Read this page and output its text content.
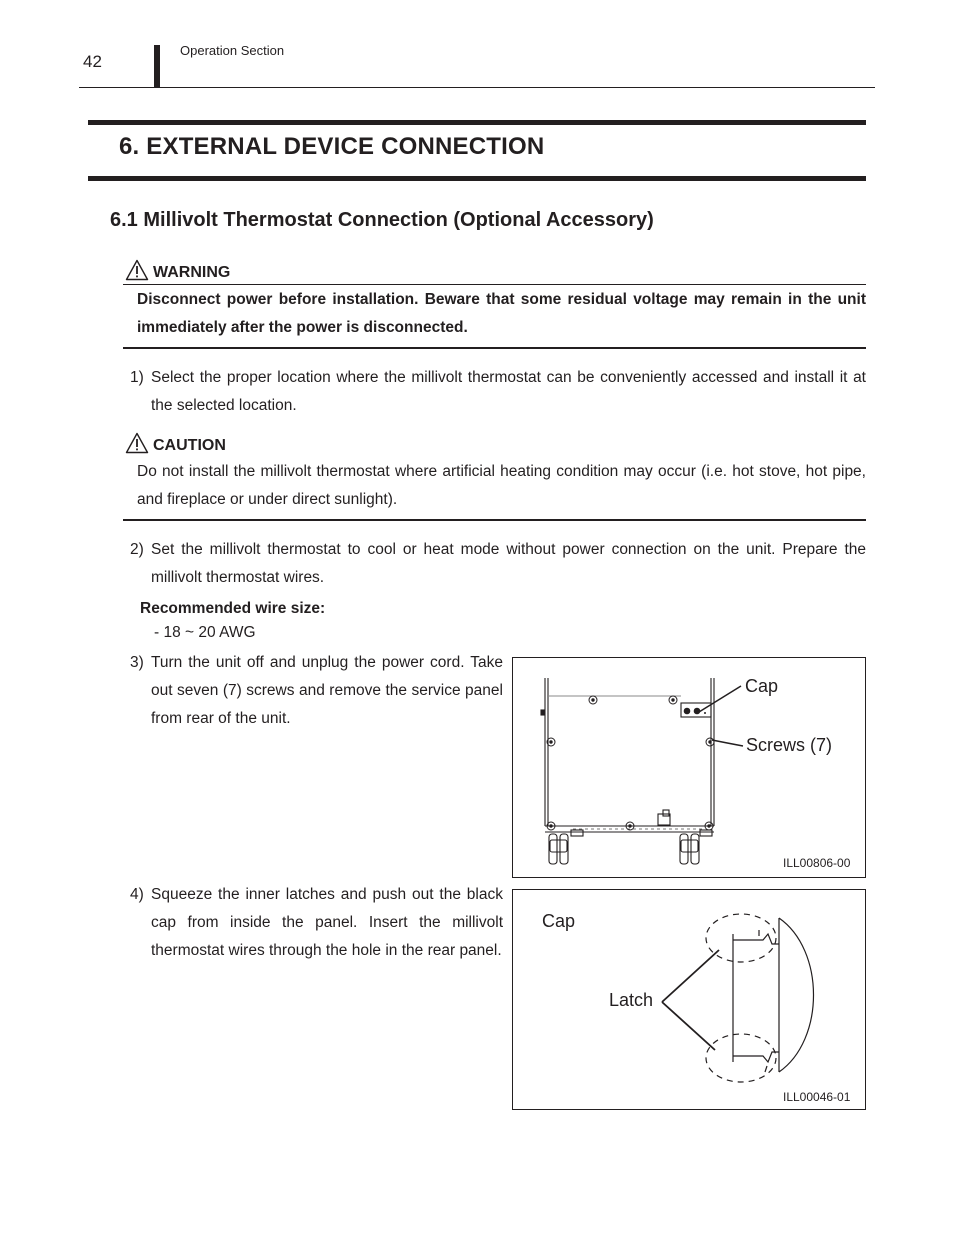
42
Operation Section
6. EXTERNAL DEVICE CONNECTION
6.1 Millivolt Thermostat Connection (Optional Accessory)
WARNING
Disconnect power before installation. Beware that some residual voltage may remain in the unit immediately after the power is disconnected.
1) Select the proper location where the millivolt thermostat can be conveniently accessed and install it at the selected location.
CAUTION
Do not install the millivolt thermostat where artificial heating condition may occur (i.e. hot stove, hot pipe, and fireplace or under direct sunlight).
2) Set the millivolt thermostat to cool or heat mode without power connection on the unit. Prepare the millivolt thermostat wires.
Recommended wire size:
- 18 ~ 20 AWG
3) Turn the unit off and unplug the power cord. Take out seven (7) screws and remove the service panel from rear of the unit.
4) Squeeze the inner latches and push out the black cap from inside the panel. Insert the millivolt thermostat wires through the hole in the rear panel.
Cap
Screws (7)
ILL00806-00
Cap
Latch
ILL00046-01
